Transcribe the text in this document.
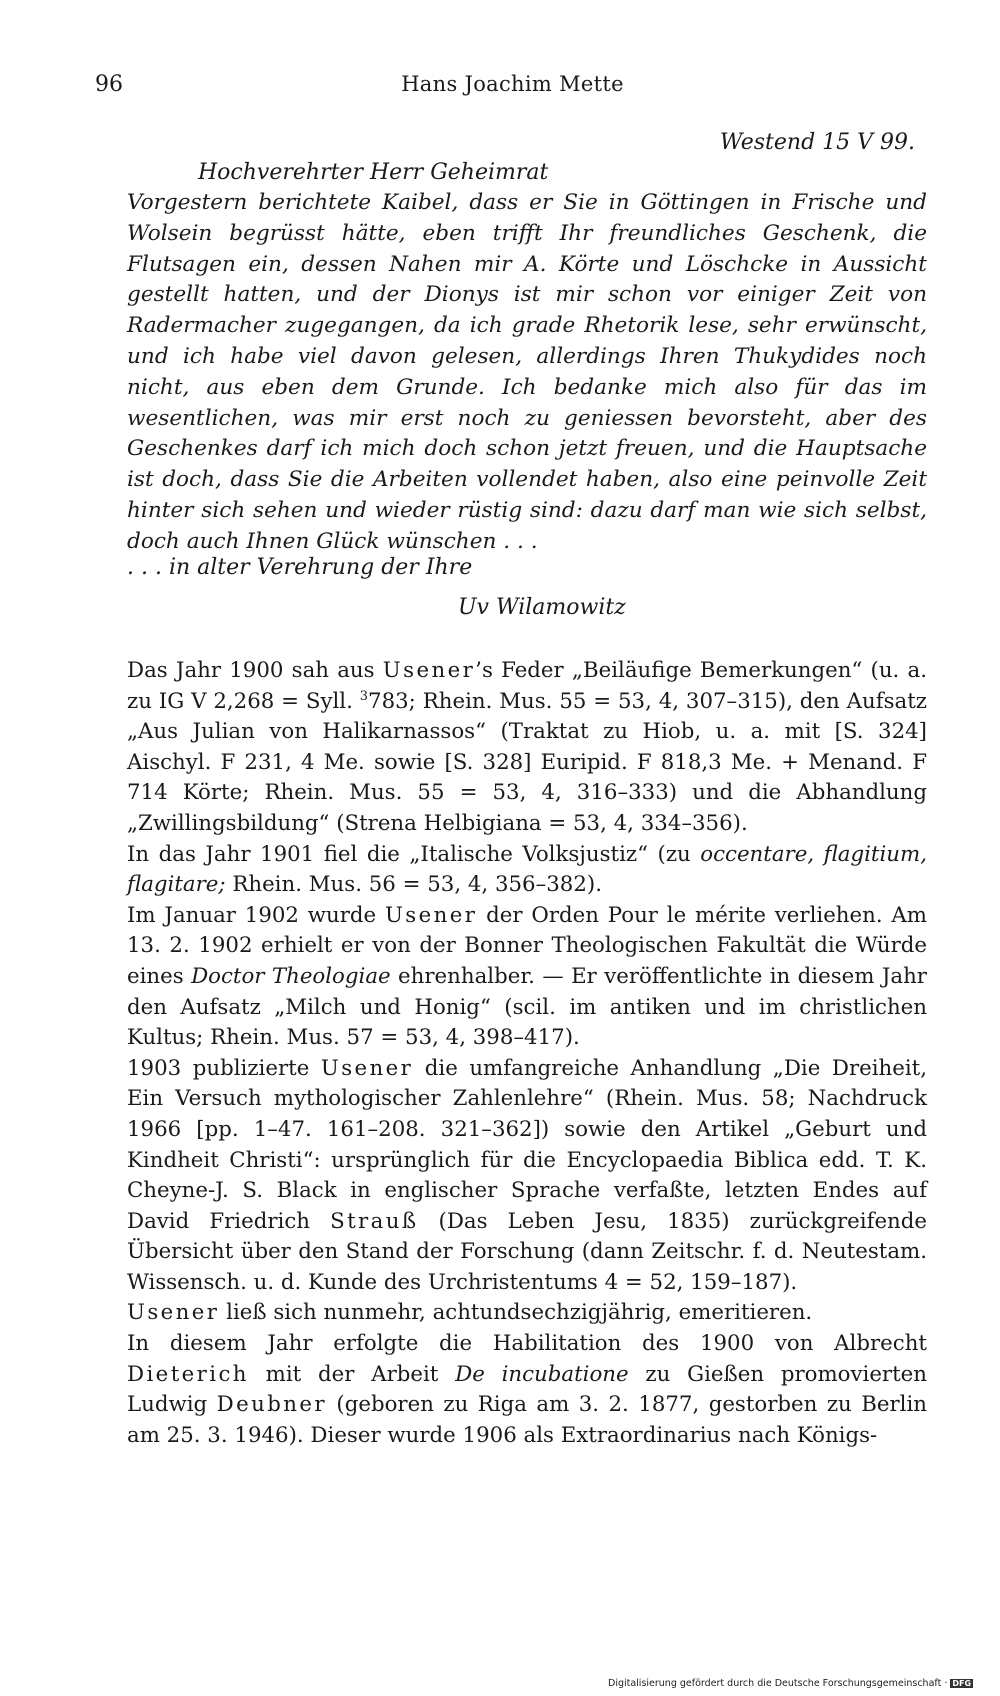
96	Hans Joachim Mette
Westend 15 V 99.
Hochverehrter Herr Geheimrat

Vorgestern berichtete Kaibel, dass er Sie in Göttingen in Frische und Wolsein begrüsst hätte, eben trifft Ihr freundliches Geschenk, die Flutsagen ein, dessen Nahen mir A. Körte und Löschcke in Aussicht gestellt hatten, und der Dionys ist mir schon vor einiger Zeit von Radermacher zugegangen, da ich grade Rhetorik lese, sehr erwünscht, und ich habe viel davon gelesen, allerdings Ihren Thukydides noch nicht, aus eben dem Grunde. Ich bedanke mich also für das im wesentlichen, was mir erst noch zu geniessen bevorsteht, aber des Geschenkes darf ich mich doch schon jetzt freuen, und die Hauptsache ist doch, dass Sie die Arbeiten vollendet haben, also eine peinvolle Zeit hinter sich sehen und wieder rüstig sind: dazu darf man wie sich selbst, doch auch Ihnen Glück wünschen . . .

. . . in alter Verehrung der Ihre
Uv Wilamowitz

Das Jahr 1900 sah aus Usener’s Feder „Beiläufige Bemerkungen“ (u. a. zu IG V 2,268 = Syll. $^3$783; Rhein. Mus. 55 = 53, 4, 307–315), den Aufsatz „Aus Julian von Halikarnassos“ (Traktat zu Hiob, u. a. mit [S. 324] Aischyl. F 231, 4 Me. sowie [S. 328] Euripid. F 818,3 Me. + Menand. F 714 Körte; Rhein. Mus. 55 = 53, 4, 316–333) und die Abhandlung „Zwillingsbildung“ (Strena Helbigiana = 53, 4, 334–356).

In das Jahr 1901 fiel die „Italische Volksjustiz“ (zu occentare, flagitium, flagitare; Rhein. Mus. 56 = 53, 4, 356–382).

Im Januar 1902 wurde Usener der Orden Pour le mérite verliehen. Am 13. 2. 1902 erhielt er von der Bonner Theologischen Fakultät die Würde eines Doctor Theologiae ehrenhalber. — Er veröffentlichte in diesem Jahr den Aufsatz „Milch und Honig“ (scil. im antiken und im christlichen Kultus; Rhein. Mus. 57 = 53, 4, 398–417).

1903 publizierte Usener die umfangreiche Anhandlung „Die Dreiheit, Ein Versuch mythologischer Zahlenlehre“ (Rhein. Mus. 58; Nachdruck 1966 [pp. 1–47. 161–208. 321–362]) sowie den Artikel „Geburt und Kindheit Christi“: ursprünglich für die Encyclopaedia Biblica edd. T. K. Cheyne-J. S. Black in englischer Sprache verfaßte, letzten Endes auf David Friedrich Strauß (Das Leben Jesu, 1835) zurückgreifende Übersicht über den Stand der Forschung (dann Zeitschr. f. d. Neutestam. Wissensch. u. d. Kunde des Urchristentums 4 = 52, 159–187).

Usener ließ sich nunmehr, achtundsechzigjährig, emeritieren.

In diesem Jahr erfolgte die Habilitation des 1900 von Albrecht Dieterich mit der Arbeit De incubatione zu Gießen promovierten Ludwig Deubner (geboren zu Riga am 3. 2. 1877, gestorben zu Berlin am 25. 3. 1946). Dieser wurde 1906 als Extraordinarius nach Königs-

Digitalisierung gefördert durch die Deutsche Forschungsgemeinschaft · DFG
